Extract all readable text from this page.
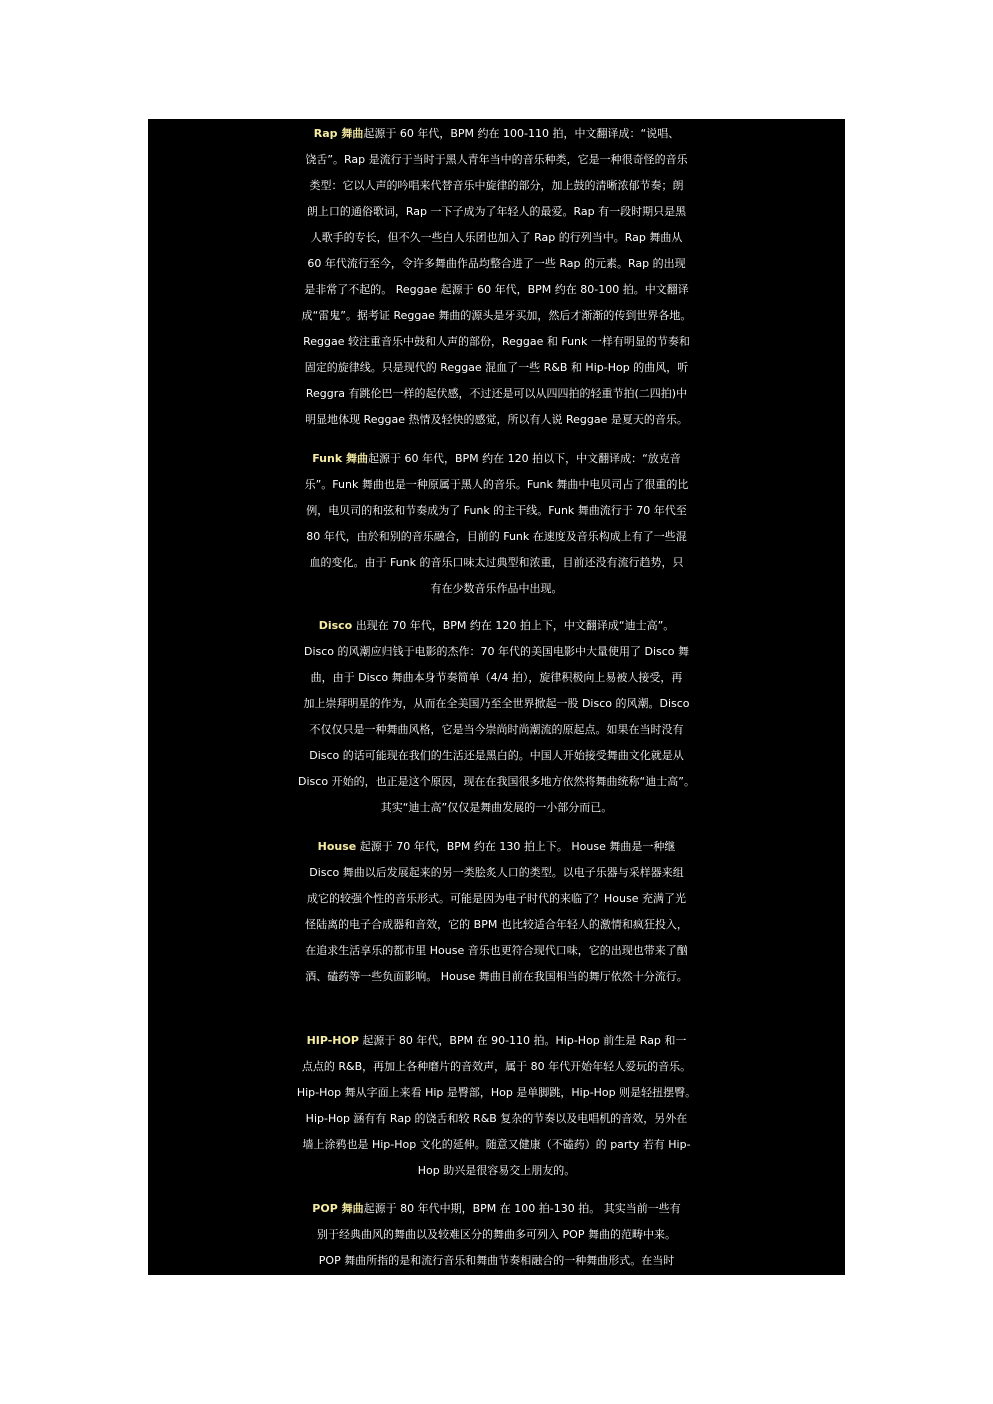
Rap 舞曲起源于 60 年代，BPM 约在 100-110 拍，中文翻译成：“说唱、
饶舌”。Rap 是流行于当时于黑人青年当中的音乐种类，它是一种很奇怪的音乐
类型：它以人声的吟唱来代替音乐中旋律的部分，加上鼓的清晰浓郁节奏；朗
朗上口的通俗歌词，Rap 一下子成为了年轻人的最爱。Rap 有一段时期只是黑
人歌手的专长，但不久一些白人乐团也加入了 Rap 的行列当中。Rap 舞曲从
60 年代流行至今，令许多舞曲作品均整合进了一些 Rap 的元素。Rap 的出现
是非常了不起的。 Reggae 起源于 60 年代，BPM 约在 80-100 拍。中文翻译
成“雷鬼”。据考证 Reggae 舞曲的源头是牙买加，然后才渐渐的传到世界各地。
Reggae 较注重音乐中鼓和人声的部份，Reggae 和 Funk 一样有明显的节奏和
固定的旋律线。只是现代的 Reggae 混血了一些 R&B 和 Hip-Hop 的曲风，听
Reggra 有跳伦巴一样的起伏感，不过还是可以从四四拍的轻重节拍(二四拍)中
明显地体现 Reggae 热情及轻快的感觉，所以有人说 Reggae 是夏天的音乐。

Funk 舞曲起源于 60 年代，BPM 约在 120 拍以下，中文翻译成：“放克音
乐”。Funk 舞曲也是一种原属于黑人的音乐。Funk 舞曲中电贝司占了很重的比
例，电贝司的和弦和节奏成为了 Funk 的主干线。Funk 舞曲流行于 70 年代至
80 年代，由於和别的音乐融合，目前的 Funk 在速度及音乐构成上有了一些混
血的变化。由于 Funk 的音乐口味太过典型和浓重，目前还没有流行趋势，只
有在少数音乐作品中出现。

Disco 出现在 70 年代，BPM 约在 120 拍上下，中文翻译成“迪士高”。
Disco 的风潮应归钱于电影的杰作：70 年代的美国电影中大量使用了 Disco 舞
曲，由于 Disco 舞曲本身节奏简单（4/4 拍），旋律积极向上易被人接受，再
加上崇拜明星的作为，从而在全美国乃至全世界掀起一股 Disco 的风潮。Disco
不仅仅只是一种舞曲风格，它是当今崇尚时尚潮流的原起点。如果在当时没有
Disco 的话可能现在我们的生活还是黑白的。中国人开始接受舞曲文化就是从
Disco 开始的，也正是这个原因，现在在我国很多地方依然将舞曲统称“迪士高”。
其实“迪士高”仅仅是舞曲发展的一小部分而已。

House 起源于 70 年代，BPM 约在 130 拍上下。 House 舞曲是一种继
Disco 舞曲以后发展起来的另一类脍炙人口的类型。以电子乐器与采样器来组
成它的较强个性的音乐形式。可能是因为电子时代的来临了？House 充满了光
怪陆离的电子合成器和音效，它的 BPM 也比较适合年轻人的激情和疯狂投入，
在追求生活享乐的都市里 House 音乐也更符合现代口味，它的出现也带来了酗
酒、磕药等一些负面影响。 House 舞曲目前在我国相当的舞厅依然十分流行。

HIP-HOP 起源于 80 年代，BPM 在 90-110 拍。Hip-Hop 前生是 Rap 和一
点点的 R&B，再加上各种磨片的音效声，属于 80 年代开始年轻人爱玩的音乐。
Hip-Hop 舞从字面上来看 Hip 是臀部，Hop 是单脚跳，Hip-Hop 则是轻扭摆臀。
Hip-Hop 涵有有 Rap 的饶舌和较 R&B 复杂的节奏以及电唱机的音效，另外在
墙上涂鸦也是 Hip-Hop 文化的延伸。随意又健康（不磕药）的 party 若有 Hip-
Hop 助兴是很容易交上朋友的。

POP 舞曲起源于 80 年代中期，BPM 在 100 拍-130 拍。 其实当前一些有
别于经典曲风的舞曲以及较难区分的舞曲多可列入 POP 舞曲的范畴中来。
POP 舞曲所指的是和流行音乐和舞曲节奏相融合的一种舞曲形式。在当时
